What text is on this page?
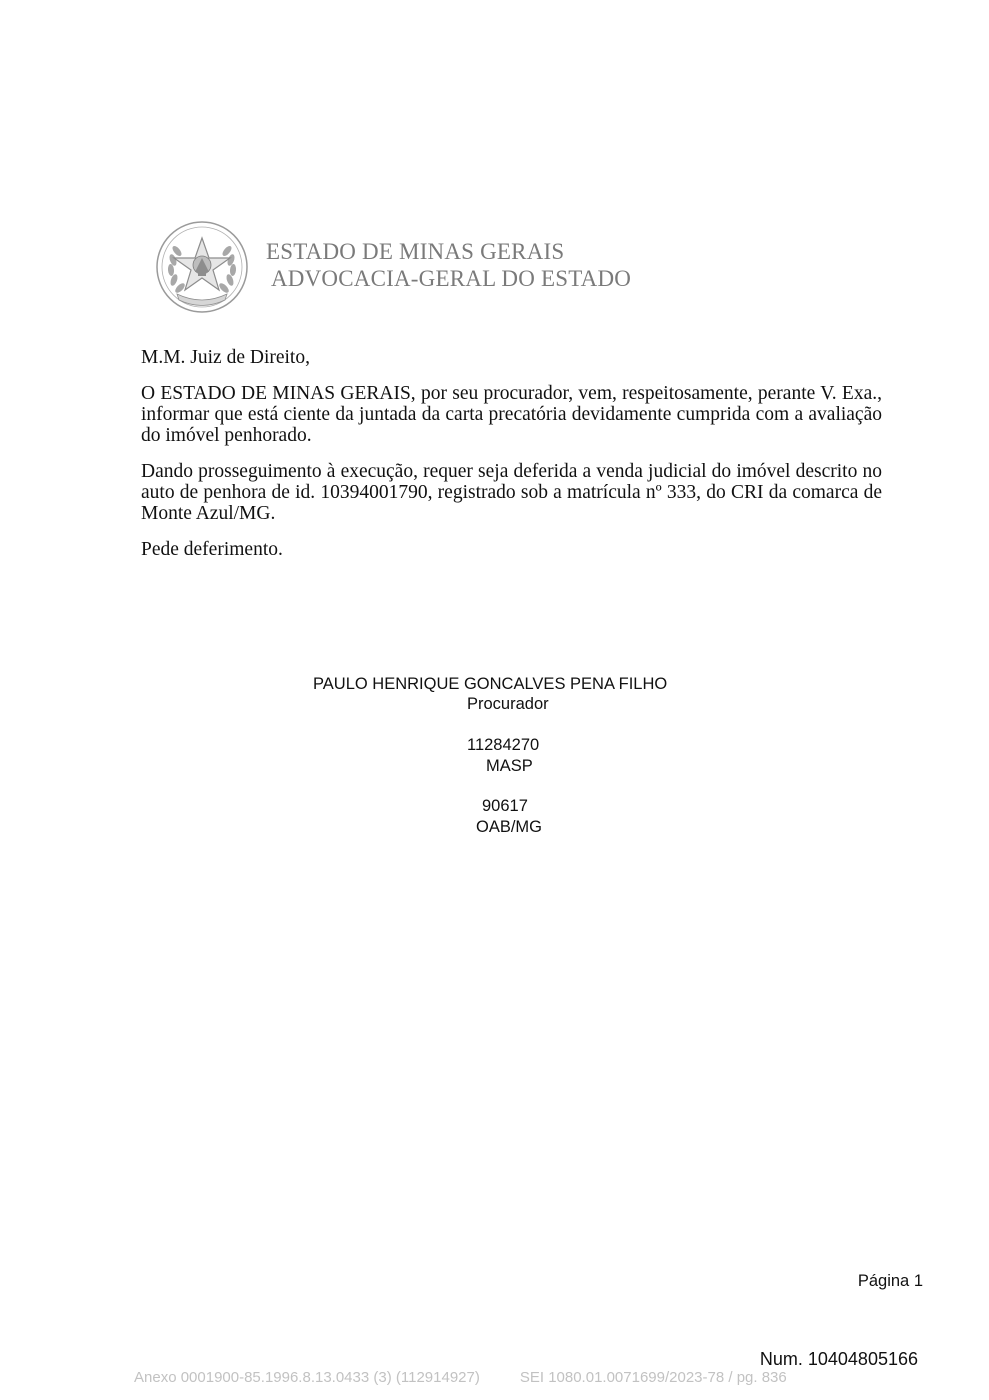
ESTADO DE MINAS GERAIS
ADVOCACIA-GERAL DO ESTADO

M.M. Juiz de Direito,

O ESTADO DE MINAS GERAIS, por seu procurador, vem, respeitosamente, perante V. Exa., informar que está ciente da juntada da carta precatória devidamente cumprida com a avaliação do imóvel penhorado.

Dando prosseguimento à execução, requer seja deferida a venda judicial do imóvel descrito no auto de penhora de id. 10394001790, registrado sob a matrícula nº 333, do CRI da comarca de Monte Azul/MG.

Pede deferimento.

PAULO HENRIQUE GONCALVES PENA FILHO
Procurador
11284270
MASP
90617
OAB/MG
Página 1
Num. 10404805166
Anexo 0001900-85.1996.8.13.0433 (3) (112914927)	SEI 1080.01.0071699/2023-78 / pg. 836
